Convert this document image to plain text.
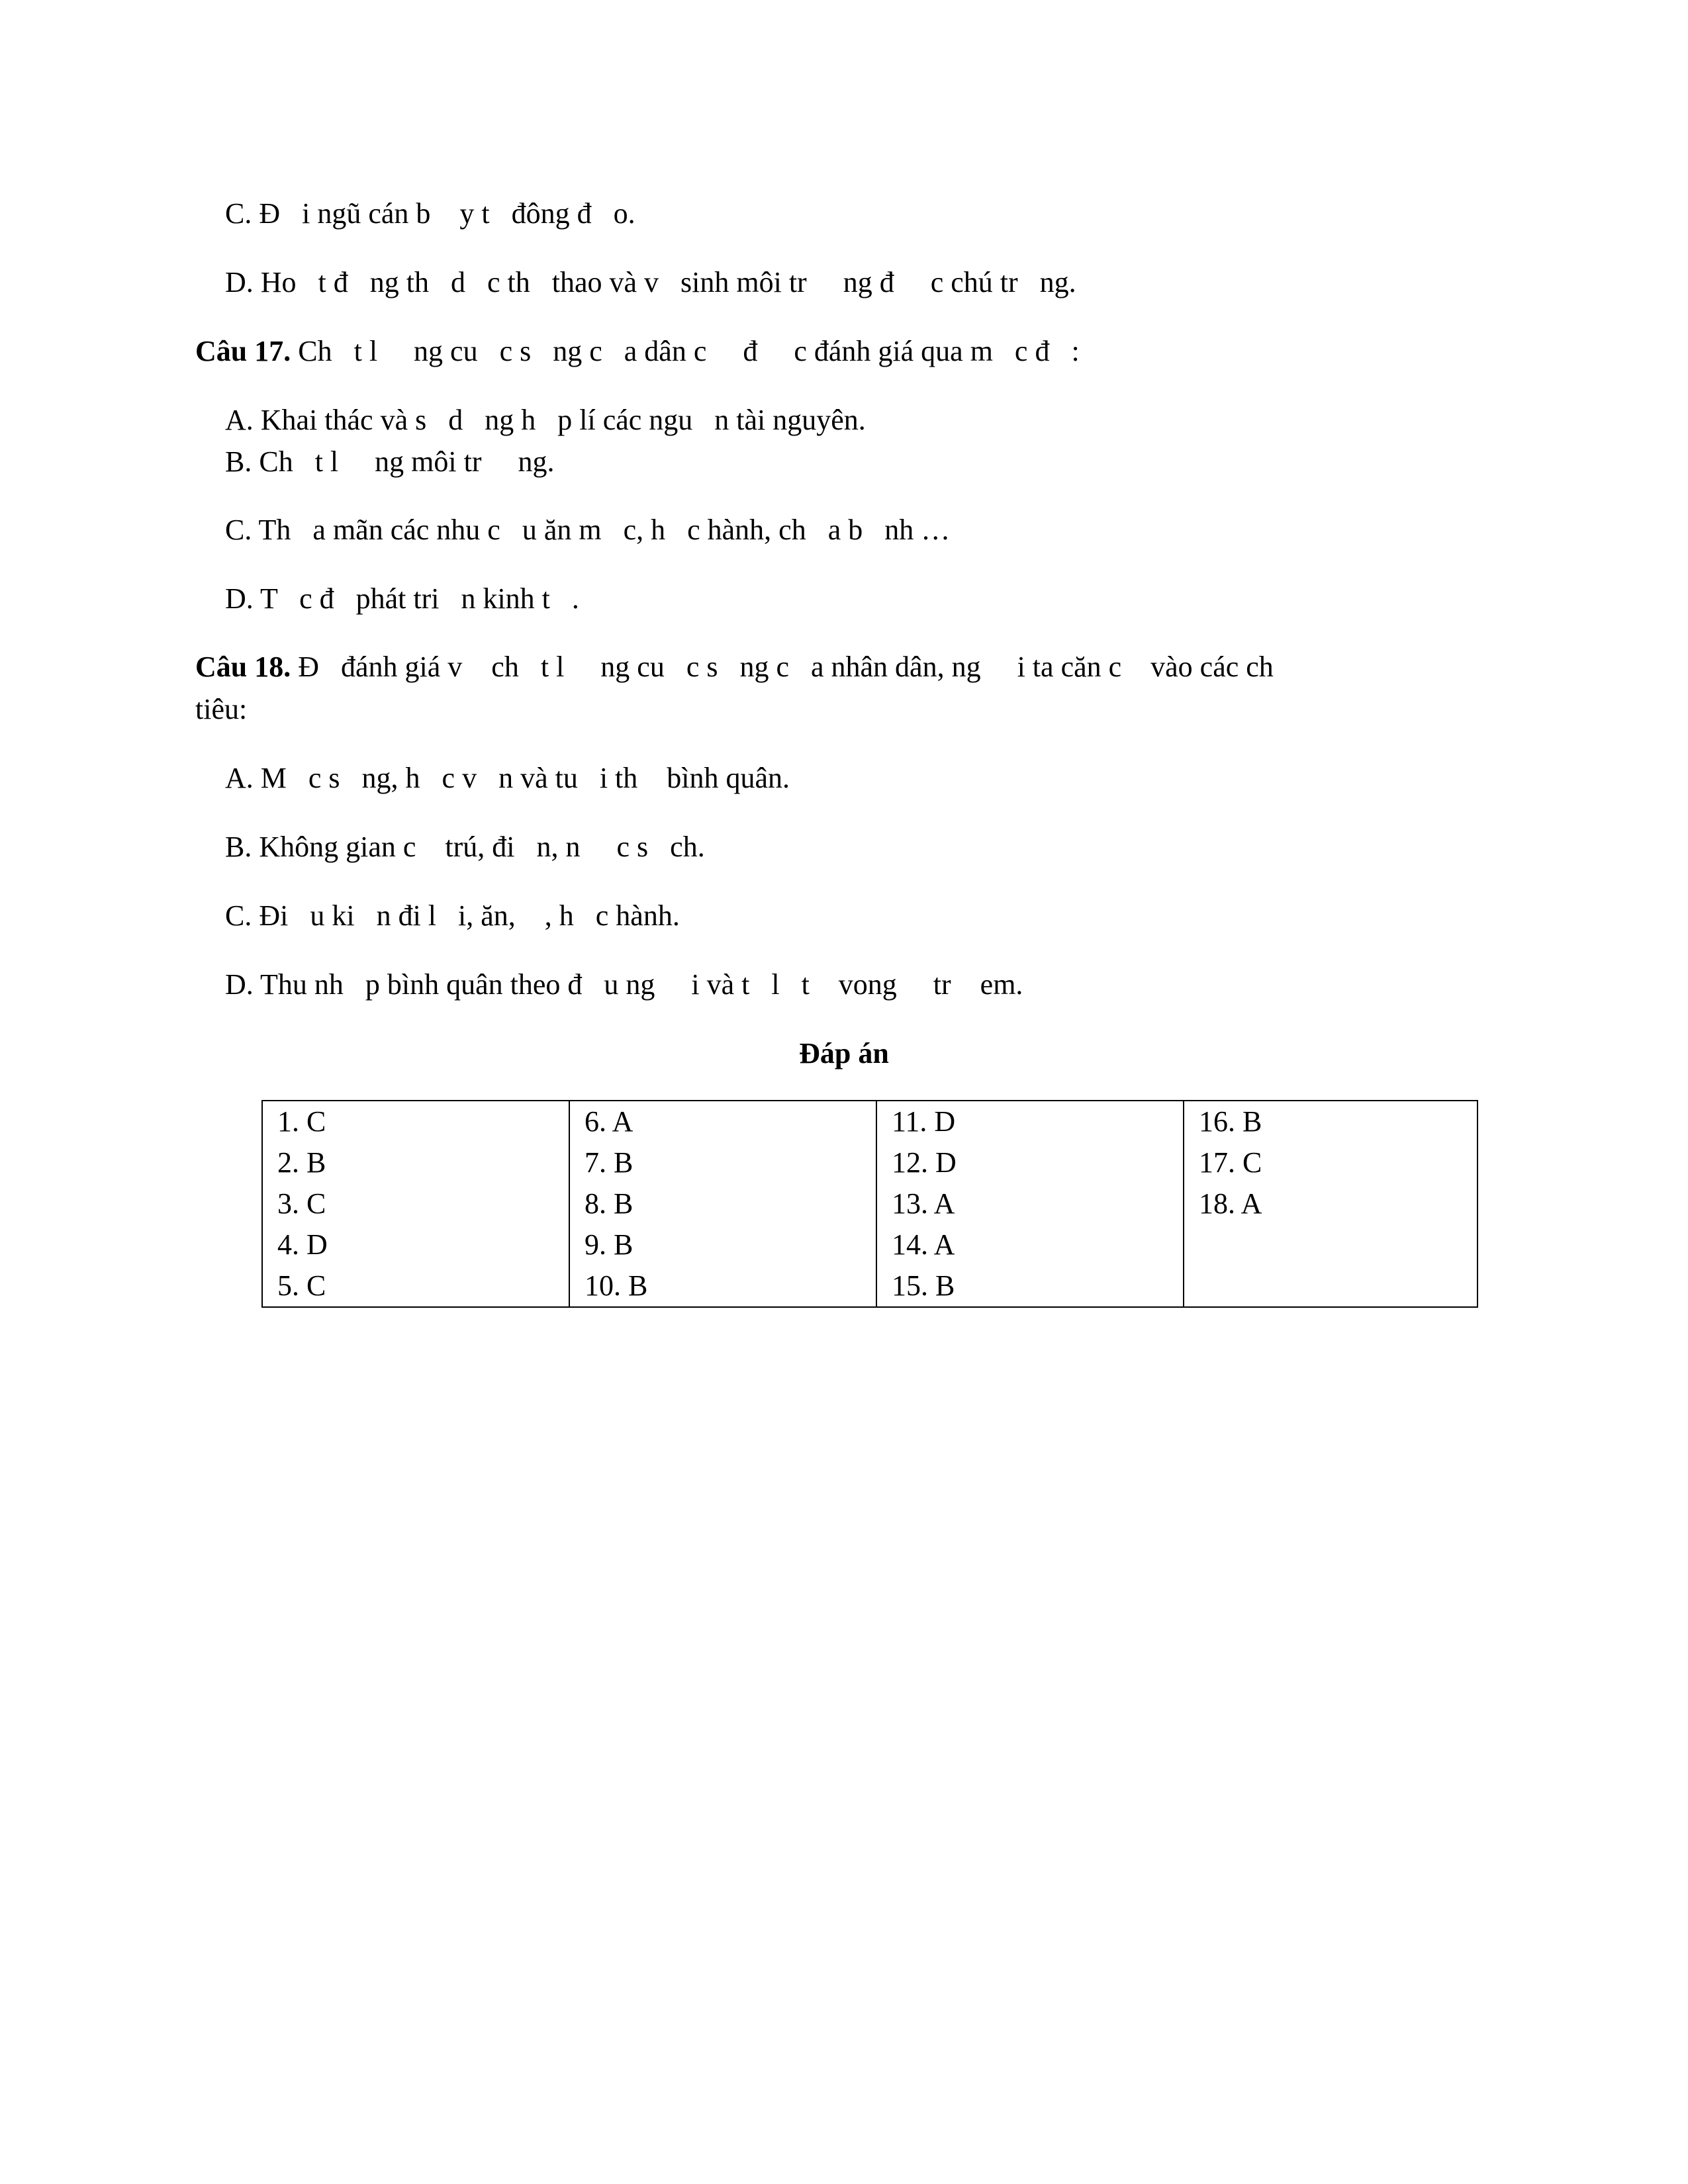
C. Đ   i ngũ cán b    y t   đông đ   o.
D. Ho   t đ   ng th   d   c th   thao và v   sinh môi tr     ng đ     c chú tr   ng.
Câu 17. Ch   t l     ng cu   c s   ng c   a dân c     đ     c đánh giá qua m   c đ   :
A. Khai thác và s   d   ng h   p lí các ngu   n tài nguyên.
B. Ch   t l     ng môi tr     ng.
C. Th   a mãn các nhu c   u ăn m   c, h   c hành, ch   a b   nh …
D. T   c đ   phát tri   n kinh t   .
Câu 18. Đ   đánh giá v    ch   t l     ng cu   c s   ng c   a nhân dân, ng     i ta căn c    vào các ch
tiêu:
A. M   c s   ng, h   c v   n và tu   i th    bình quân.
B. Không gian c    trú, đi   n, n     c s   ch.
C. Đi   u ki   n đi l   i, ăn,    , h   c hành.
D. Thu nh   p bình quân theo đ   u ng     i và t   l   t    vong     tr    em.
Đáp án
1. C
2. B
3. C
4. D
5. C

6. A
7. B
8. B
9. B
10. B

11. D
12. D
13. A
14. A
15. B

16. B
17. C
18. A
